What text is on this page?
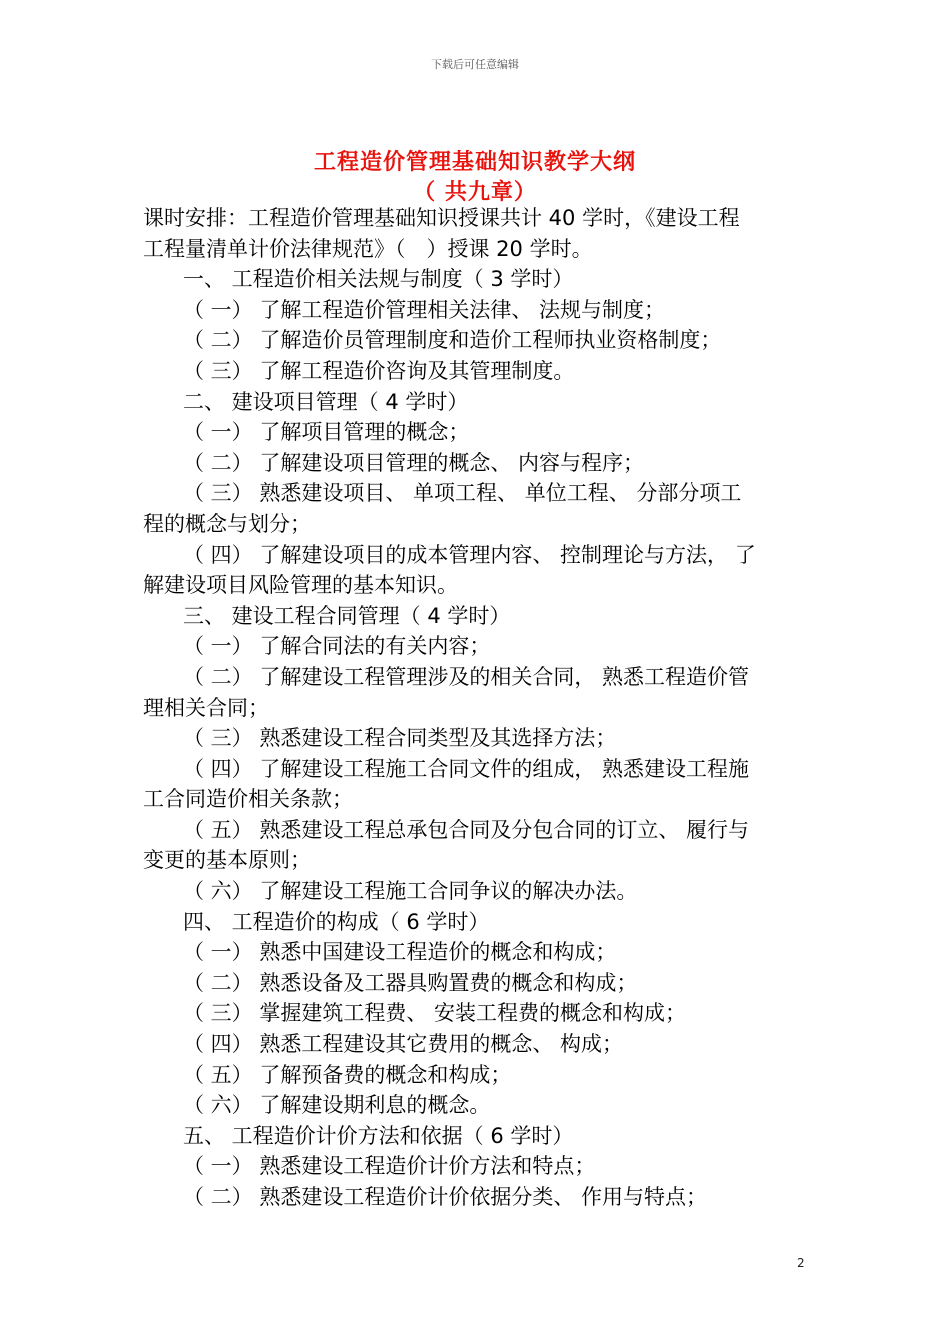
下载后可任意编辑
工程造价管理基础知识教学大纲
（ 共九章）
课时安排：工程造价管理基础知识授课共计 40 学时，《建设工程
工程量清单计价法律规范》（　）授课 20 学时。
一、 工程造价相关法规与制度（ 3 学时）
（ 一） 了解工程造价管理相关法律、 法规与制度；
（ 二） 了解造价员管理制度和造价工程师执业资格制度；
（ 三） 了解工程造价咨询及其管理制度。
二、 建设项目管理（ 4 学时）
（ 一） 了解项目管理的概念；
（ 二） 了解建设项目管理的概念、 内容与程序；
（ 三） 熟悉建设项目、 单项工程、 单位工程、 分部分项工
程的概念与划分；
（ 四） 了解建设项目的成本管理内容、 控制理论与方法， 了
解建设项目风险管理的基本知识。
三、 建设工程合同管理（ 4 学时）
（ 一） 了解合同法的有关内容；
（ 二） 了解建设工程管理涉及的相关合同， 熟悉工程造价管
理相关合同；
（ 三） 熟悉建设工程合同类型及其选择方法；
（ 四） 了解建设工程施工合同文件的组成， 熟悉建设工程施
工合同造价相关条款；
（ 五） 熟悉建设工程总承包合同及分包合同的订立、 履行与
变更的基本原则；
（ 六） 了解建设工程施工合同争议的解决办法。
四、 工程造价的构成（ 6 学时）
（ 一） 熟悉中国建设工程造价的概念和构成；
（ 二） 熟悉设备及工器具购置费的概念和构成；
（ 三） 掌握建筑工程费、 安装工程费的概念和构成；
（ 四） 熟悉工程建设其它费用的概念、 构成；
（ 五） 了解预备费的概念和构成；
（ 六） 了解建设期利息的概念。
五、 工程造价计价方法和依据（ 6 学时）
（ 一） 熟悉建设工程造价计价方法和特点；
（ 二） 熟悉建设工程造价计价依据分类、 作用与特点；
2
